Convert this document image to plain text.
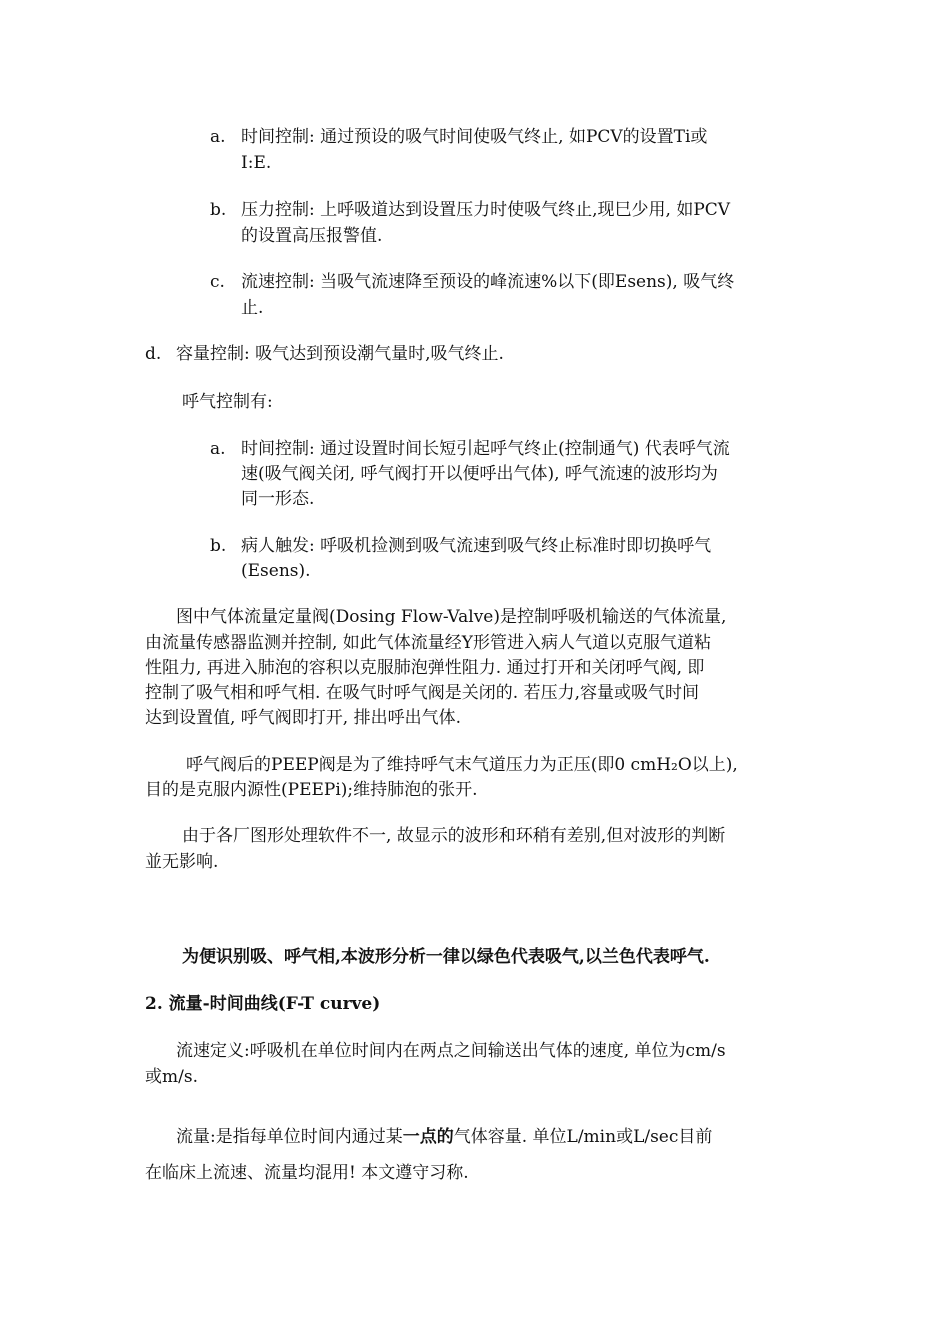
a. 时间控制: 通过预设的吸气时间使吸气终止, 如PCV的设置Ti或
I:E.
b. 压力控制: 上呼吸道达到设置压力时使吸气终止,现巳少用, 如PCV
的设置高压报警值.
c. 流速控制: 当吸气流速降至预设的峰流速%以下(即Esens), 吸气终
止.
d. 容量控制: 吸气达到预设潮气量时,吸气终止.
呼气控制有:
a. 时间控制: 通过设置时间长短引起呼气终止(控制通气) 代表呼气流
速(吸气阀关闭, 呼气阀打开以便呼出气体), 呼气流速的波形均为
同一形态.
b. 病人触发: 呼吸机捡测到吸气流速到吸气终止标准时即切换呼气
(Esens).
图中气体流量定量阀(Dosing Flow-Valve)是控制呼吸机输送的气体流量,
由流量传感器监测并控制, 如此气体流量经Y形管进入病人气道以克服气道粘
性阻力, 再进入肺泡的容积以克服肺泡弹性阻力. 通过打开和关闭呼气阀, 即
控制了吸气相和呼气相. 在吸气时呼气阀是关闭的. 若压力,容量或吸气时间
达到设置值, 呼气阀即打开, 排出呼出气体.
呼气阀后的PEEP阀是为了维持呼气末气道压力为正压(即0 cmH₂O以上),
目的是克服内源性(PEEPi);维持肺泡的张开.
由于各厂图形处理软件不一, 故显示的波形和环稍有差别,但对波形的判断
並无影响.
为便识别吸、呼气相,本波形分析一律以绿色代表吸气,以兰色代表呼气.
2. 流量-时间曲线(F-T curve)
流速定义:呼吸机在单位时间内在两点之间输送出气体的速度, 单位为cm/s
或m/s.
流量:是指每单位时间内通过某一点的气体容量. 单位L/min或L/sec目前
在临床上流速、流量均混用! 本文遵守习称.
